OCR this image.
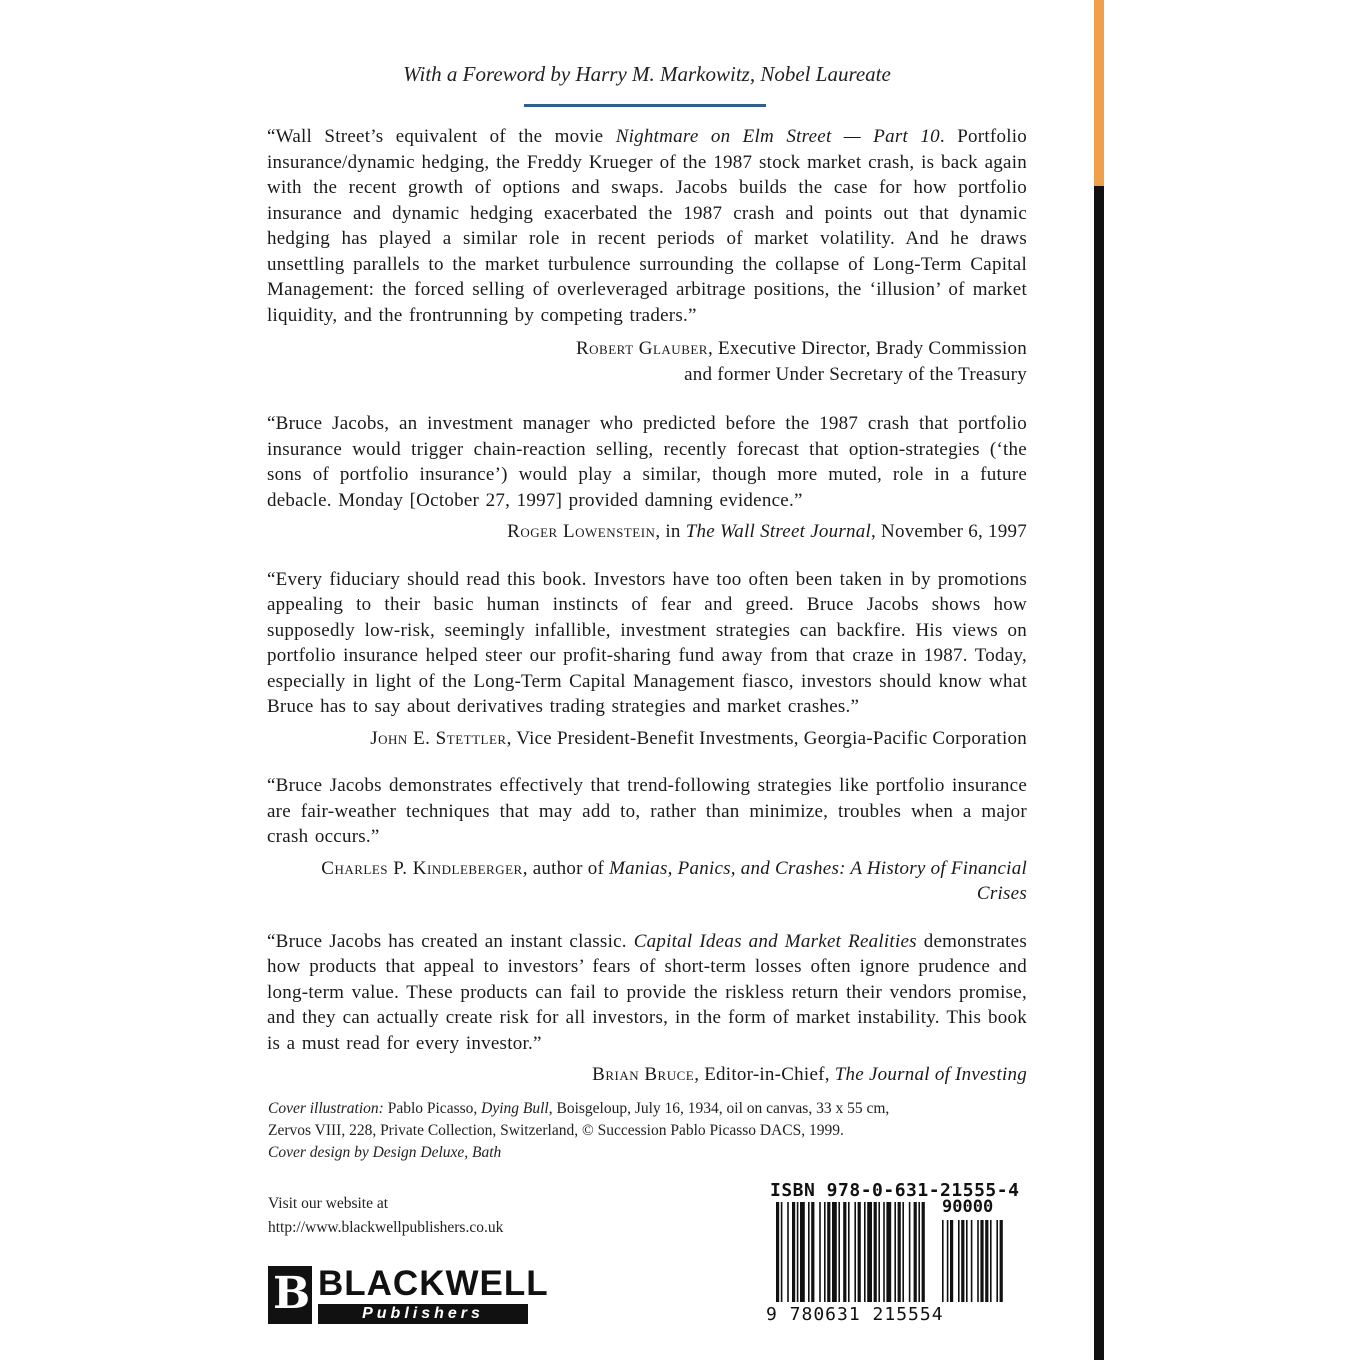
With a Foreword by Harry M. Markowitz, Nobel Laureate

“Wall Street’s equivalent of the movie Nightmare on Elm Street — Part 10. Portfolio insurance/dynamic hedging, the Freddy Krueger of the 1987 stock market crash, is back again with the recent growth of options and swaps. Jacobs builds the case for how portfolio insurance and dynamic hedging exacerbated the 1987 crash and points out that dynamic hedging has played a similar role in recent periods of market volatility. And he draws unsettling parallels to the market turbulence surrounding the collapse of Long-Term Capital Management: the forced selling of overleveraged arbitrage positions, the ‘illusion’ of market liquidity, and the frontrunning by competing traders.”

Robert Glauber, Executive Director, Brady Commission
and former Under Secretary of the Treasury

“Bruce Jacobs, an investment manager who predicted before the 1987 crash that portfolio insurance would trigger chain-reaction selling, recently forecast that option-strategies (‘the sons of portfolio insurance’) would play a similar, though more muted, role in a future debacle. Monday [October 27, 1997] provided damning evidence.”

Roger Lowenstein, in The Wall Street Journal, November 6, 1997

“Every fiduciary should read this book. Investors have too often been taken in by promotions appealing to their basic human instincts of fear and greed. Bruce Jacobs shows how supposedly low-risk, seemingly infallible, investment strategies can backfire. His views on portfolio insurance helped steer our profit-sharing fund away from that craze in 1987. Today, especially in light of the Long-Term Capital Management fiasco, investors should know what Bruce has to say about derivatives trading strategies and market crashes.”

John E. Stettler, Vice President-Benefit Investments, Georgia-Pacific Corporation

“Bruce Jacobs demonstrates effectively that trend-following strategies like portfolio insurance are fair-weather techniques that may add to, rather than minimize, troubles when a major crash occurs.”

Charles P. Kindleberger, author of Manias, Panics, and Crashes: A History of Financial Crises

“Bruce Jacobs has created an instant classic. Capital Ideas and Market Realities demonstrates how products that appeal to investors’ fears of short-term losses often ignore prudence and long-term value. These products can fail to provide the riskless return their vendors promise, and they can actually create risk for all investors, in the form of market instability. This book is a must read for every investor.”

Brian Bruce, Editor-in-Chief, The Journal of Investing

Cover illustration: Pablo Picasso, Dying Bull, Boisgeloup, July 16, 1934, oil on canvas, 33 x 55 cm,
Zervos VIII, 228, Private Collection, Switzerland, © Succession Pablo Picasso DACS, 1999.
Cover design by Design Deluxe, Bath
Visit our website at
http://www.blackwellpublishers.co.uk
B BLACKWELL
Publishers
ISBN 978-0-631-21555-4
90000
9 780631 215554
